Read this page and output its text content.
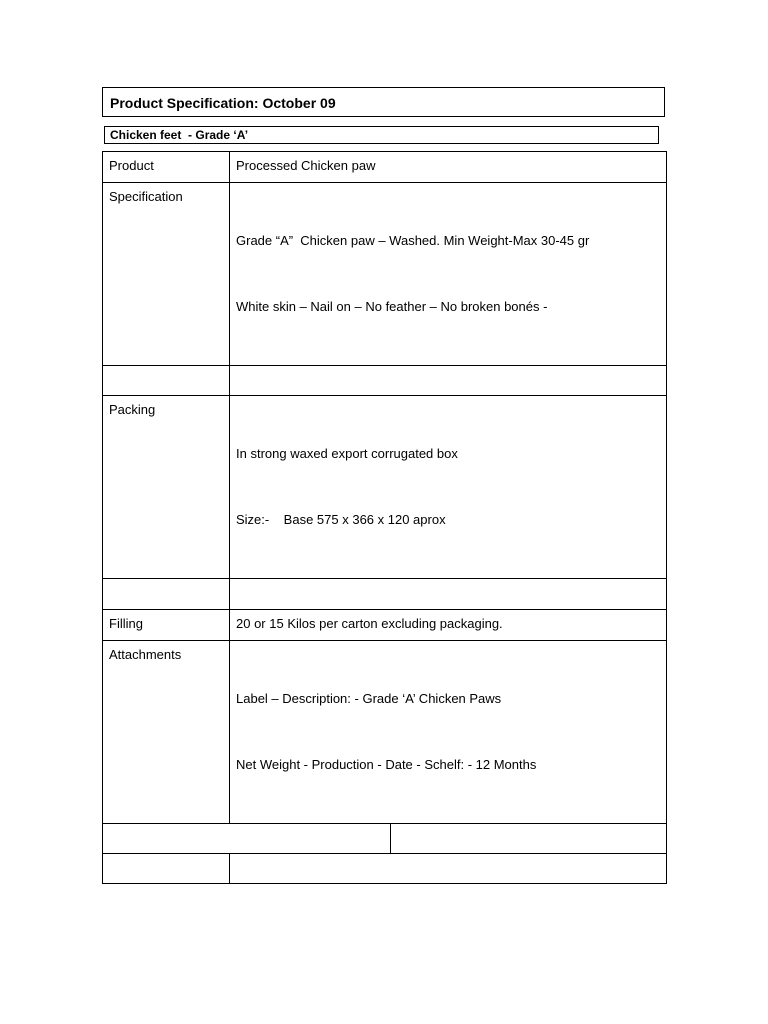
Product Specification: October 09
Chicken feet  - Grade ‘A’
Product	Processed Chicken paw	
Specification	Grade “A”  Chicken paw – Washed. Min Weight-Max 30-45 gr

White skin – Nail on – No feather – No broken bonés -	

Packing	In strong waxed export corrugated box

Size:-    Base 575 x 366 x 120 aprox	

Filling	20 or 15 Kilos per carton excluding packaging.	
Attachments	Label – Description: - Grade ‘A’ Chicken Paws

Net Weight - Production - Date - Schelf: - 12 Months	
